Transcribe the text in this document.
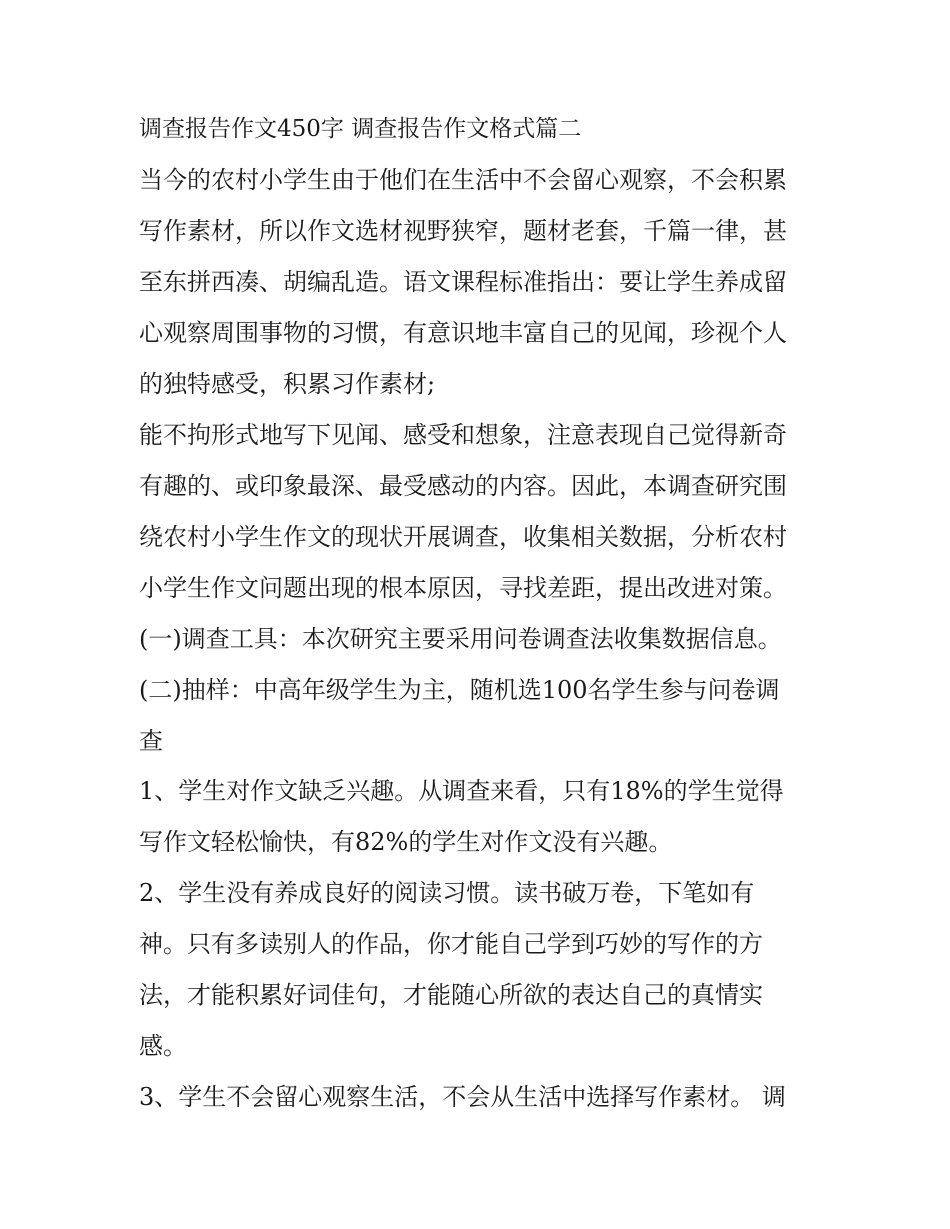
调查报告作文450字 调查报告作文格式篇二
当今的农村小学生由于他们在生活中不会留心观察，不会积累
写作素材，所以作文选材视野狭窄，题材老套，千篇一律，甚
至东拼西凑、胡编乱造。语文课程标准指出：要让学生养成留
心观察周围事物的习惯，有意识地丰富自己的见闻，珍视个人
的独特感受，积累习作素材;
能不拘形式地写下见闻、感受和想象，注意表现自己觉得新奇
有趣的、或印象最深、最受感动的内容。因此，本调查研究围
绕农村小学生作文的现状开展调查，收集相关数据，分析农村
小学生作文问题出现的根本原因，寻找差距，提出改进对策。
(一)调查工具：本次研究主要采用问卷调查法收集数据信息。
(二)抽样：中高年级学生为主，随机选100名学生参与问卷调
查
1、学生对作文缺乏兴趣。从调查来看，只有18%的学生觉得
写作文轻松愉快，有82%的学生对作文没有兴趣。
2、学生没有养成良好的阅读习惯。读书破万卷，下笔如有
神。只有多读别人的作品，你才能自己学到巧妙的写作的方
法，才能积累好词佳句，才能随心所欲的表达自己的真情实
感。
3、学生不会留心观察生活，不会从生活中选择写作素材。 调
